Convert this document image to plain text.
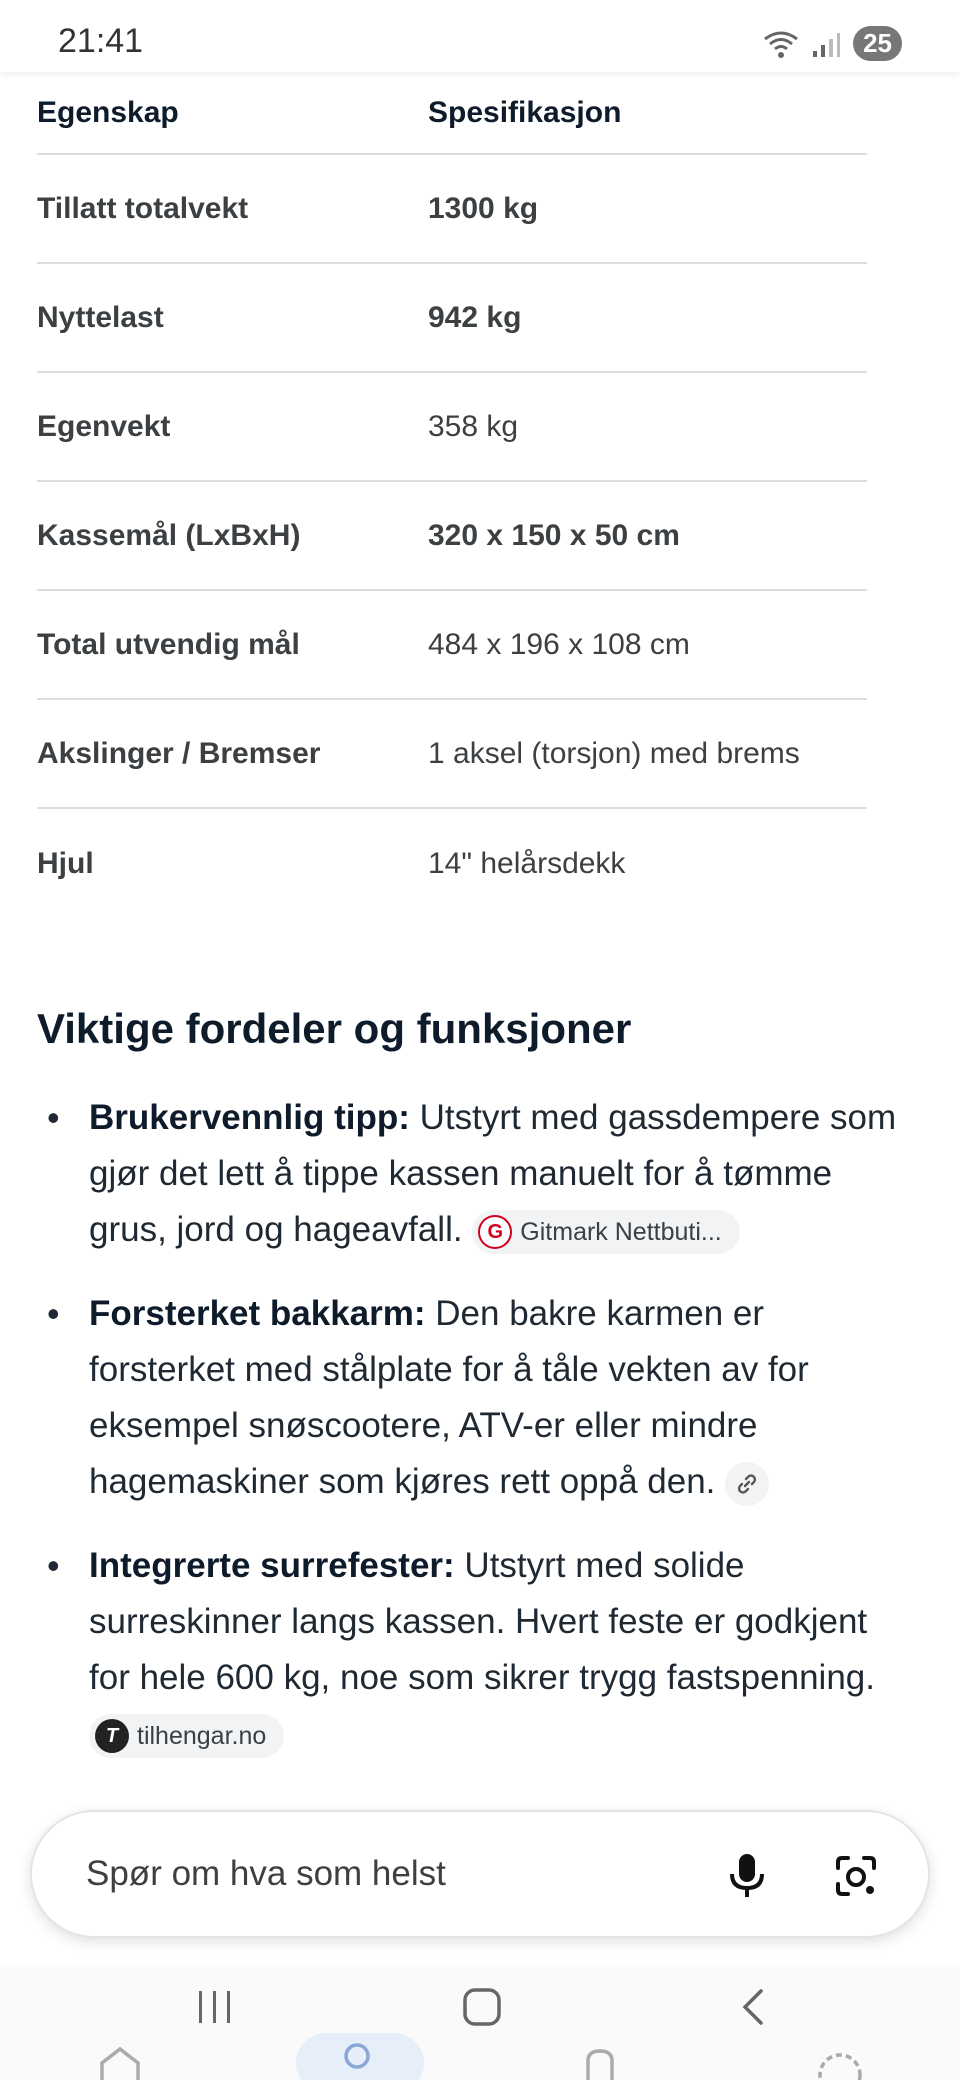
21:41	25
Egenskap	Spesifikasjon
Tillatt totalvekt	1300 kg
Nyttelast	942 kg
Egenvekt	358 kg
Kassemål (LxBxH)	320 x 150 x 50 cm
Total utvendig mål	484 x 196 x 108 cm
Akslinger / Bremser	1 aksel (torsjon) med brems
Hjul	14" helårsdekk
Viktige fordeler og funksjoner
• Brukervennlig tipp: Utstyrt med gassdempere som gjør det lett å tippe kassen manuelt for å tømme grus, jord og hageavfall. G Gitmark Nettbuti...
• Forsterket bakkarm: Den bakre karmen er forsterket med stålplate for å tåle vekten av for eksempel snøscootere, ATV-er eller mindre hagemaskiner som kjøres rett oppå den.
• Integrerte surrefester: Utstyrt med solide surreskinner langs kassen. Hvert feste er godkjent for hele 600 kg, noe som sikrer trygg fastspenning.
T tilhengar.no
Spør om hva som helst
